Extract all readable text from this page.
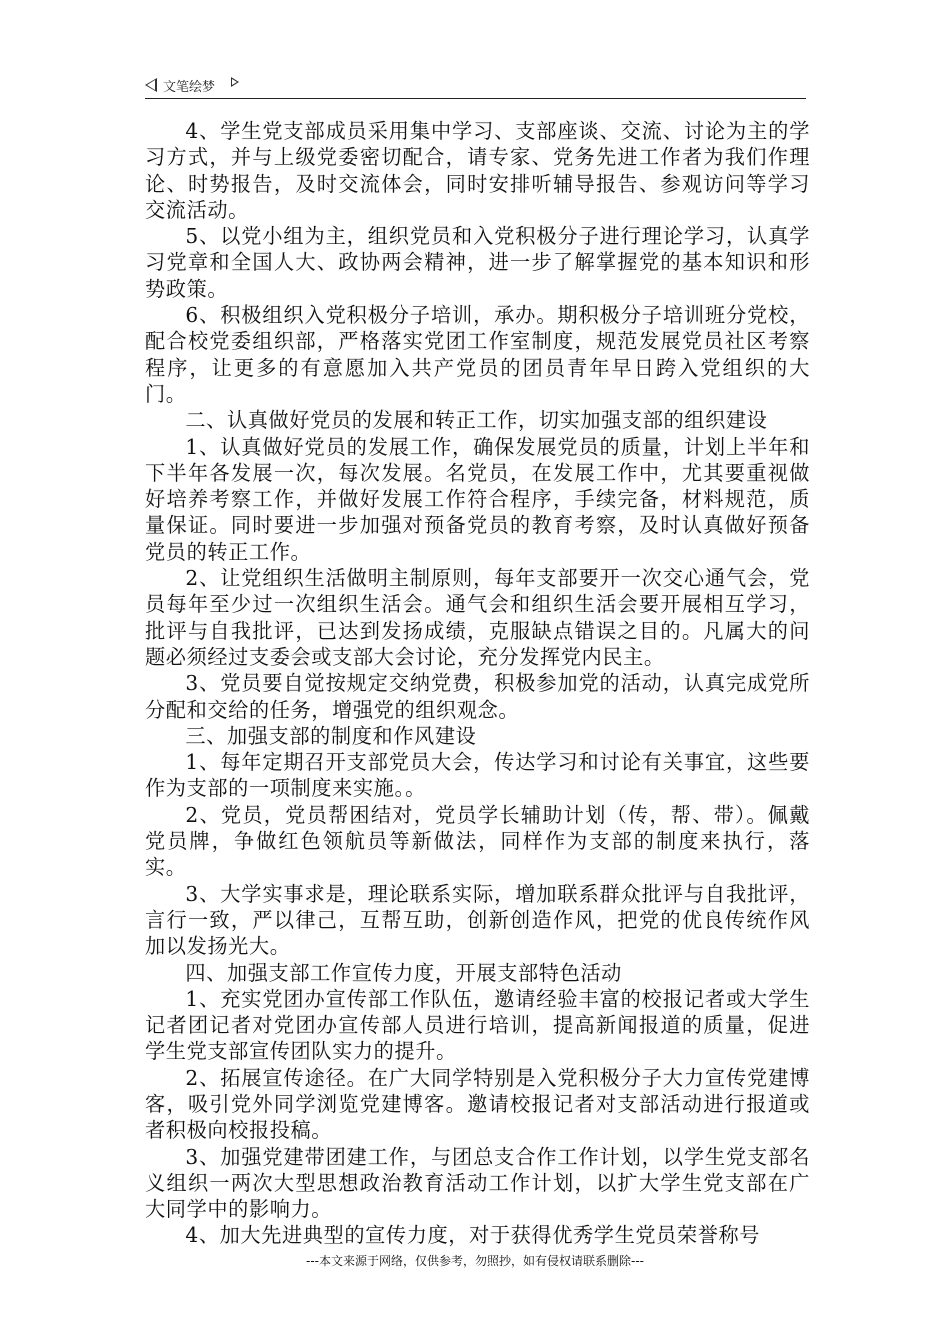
文笔绘梦

4、学生党支部成员采用集中学习、支部座谈、交流、讨论为主的学习方式，并与上级党委密切配合，请专家、党务先进工作者为我们作理论、时势报告，及时交流体会，同时安排听辅导报告、参观访问等学习交流活动。

5、以党小组为主，组织党员和入党积极分子进行理论学习，认真学习党章和全国人大、政协两会精神，进一步了解掌握党的基本知识和形势政策。

6、积极组织入党积极分子培训，承办。期积极分子培训班分党校，配合校党委组织部，严格落实党团工作室制度，规范发展党员社区考察程序，让更多的有意愿加入共产党员的团员青年早日跨入党组织的大门。

二、认真做好党员的发展和转正工作，切实加强支部的组织建设

1、认真做好党员的发展工作，确保发展党员的质量，计划上半年和下半年各发展一次，每次发展。名党员，在发展工作中，尤其要重视做好培养考察工作，并做好发展工作符合程序，手续完备，材料规范，质量保证。同时要进一步加强对预备党员的教育考察，及时认真做好预备党员的转正工作。

2、让党组织生活做明主制原则，每年支部要开一次交心通气会，党员每年至少过一次组织生活会。通气会和组织生活会要开展相互学习，批评与自我批评，已达到发扬成绩，克服缺点错误之目的。凡属大的问题必须经过支委会或支部大会讨论，充分发挥党内民主。

3、党员要自觉按规定交纳党费，积极参加党的活动，认真完成党所分配和交给的任务，增强党的组织观念。

三、加强支部的制度和作风建设

1、每年定期召开支部党员大会，传达学习和讨论有关事宜，这些要作为支部的一项制度来实施。。

2、党员，党员帮困结对，党员学长辅助计划（传，帮、带）。佩戴党员牌，争做红色领航员等新做法，同样作为支部的制度来执行，落实。

3、大学实事求是，理论联系实际，增加联系群众批评与自我批评，言行一致，严以律己，互帮互助，创新创造作风，把党的优良传统作风加以发扬光大。

四、加强支部工作宣传力度，开展支部特色活动

1、充实党团办宣传部工作队伍，邀请经验丰富的校报记者或大学生记者团记者对党团办宣传部人员进行培训，提高新闻报道的质量，促进学生党支部宣传团队实力的提升。

2、拓展宣传途径。在广大同学特别是入党积极分子大力宣传党建博客，吸引党外同学浏览党建博客。邀请校报记者对支部活动进行报道或者积极向校报投稿。

3、加强党建带团建工作，与团总支合作工作计划，以学生党支部名义组织一两次大型思想政治教育活动工作计划，以扩大学生党支部在广大同学中的影响力。

4、加大先进典型的宣传力度，对于获得优秀学生党员荣誉称号

---本文来源于网络，仅供参考，勿照抄，如有侵权请联系删除---
